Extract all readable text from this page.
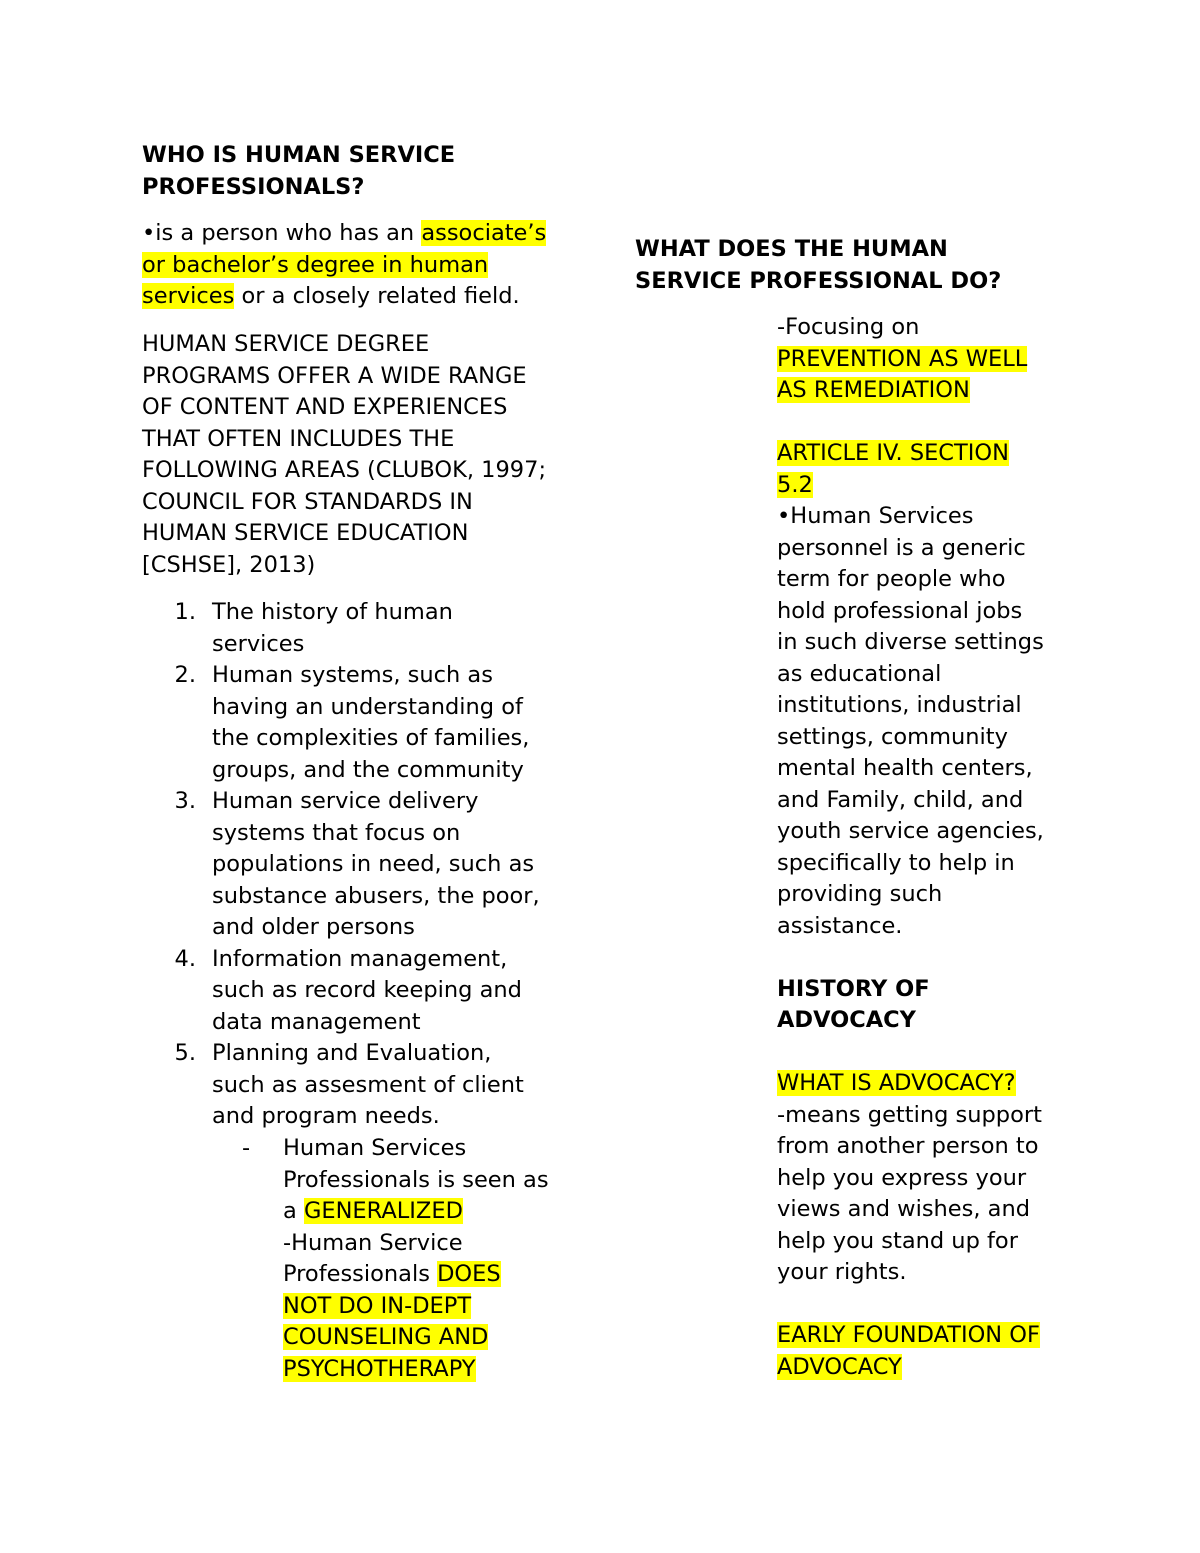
WHO IS HUMAN SERVICE
PROFESSIONALS?
•is a person who has an associate’s
or bachelor’s degree in human
services or a closely related field.
HUMAN SERVICE DEGREE
PROGRAMS OFFER A WIDE RANGE
OF CONTENT AND EXPERIENCES
THAT OFTEN INCLUDES THE
FOLLOWING AREAS (CLUBOK, 1997;
COUNCIL FOR STANDARDS IN
HUMAN SERVICE EDUCATION
[CSHSE], 2013)
1. The history of human
services
2. Human systems, such as
having an understanding of
the complexities of families,
groups, and the community
3. Human service delivery
systems that focus on
populations in need, such as
substance abusers, the poor,
and older persons
4. Information management,
such as record keeping and
data management
5. Planning and Evaluation,
such as assesment of client
and program needs.
- Human Services
Professionals is seen as
a GENERALIZED
-Human Service
Professionals DOES
NOT DO IN-DEPT
COUNSELING AND
PSYCHOTHERAPY
WHAT DOES THE HUMAN
SERVICE PROFESSIONAL DO?
-Focusing on
PREVENTION AS WELL
AS REMEDIATION
ARTICLE IV. SECTION
5.2
•Human Services
personnel is a generic
term for people who
hold professional jobs
in such diverse settings
as educational
institutions, industrial
settings, community
mental health centers,
and Family, child, and
youth service agencies,
specifically to help in
providing such
assistance.
HISTORY OF
ADVOCACY
WHAT IS ADVOCACY?
-means getting support
from another person to
help you express your
views and wishes, and
help you stand up for
your rights.
EARLY FOUNDATION OF
ADVOCACY
